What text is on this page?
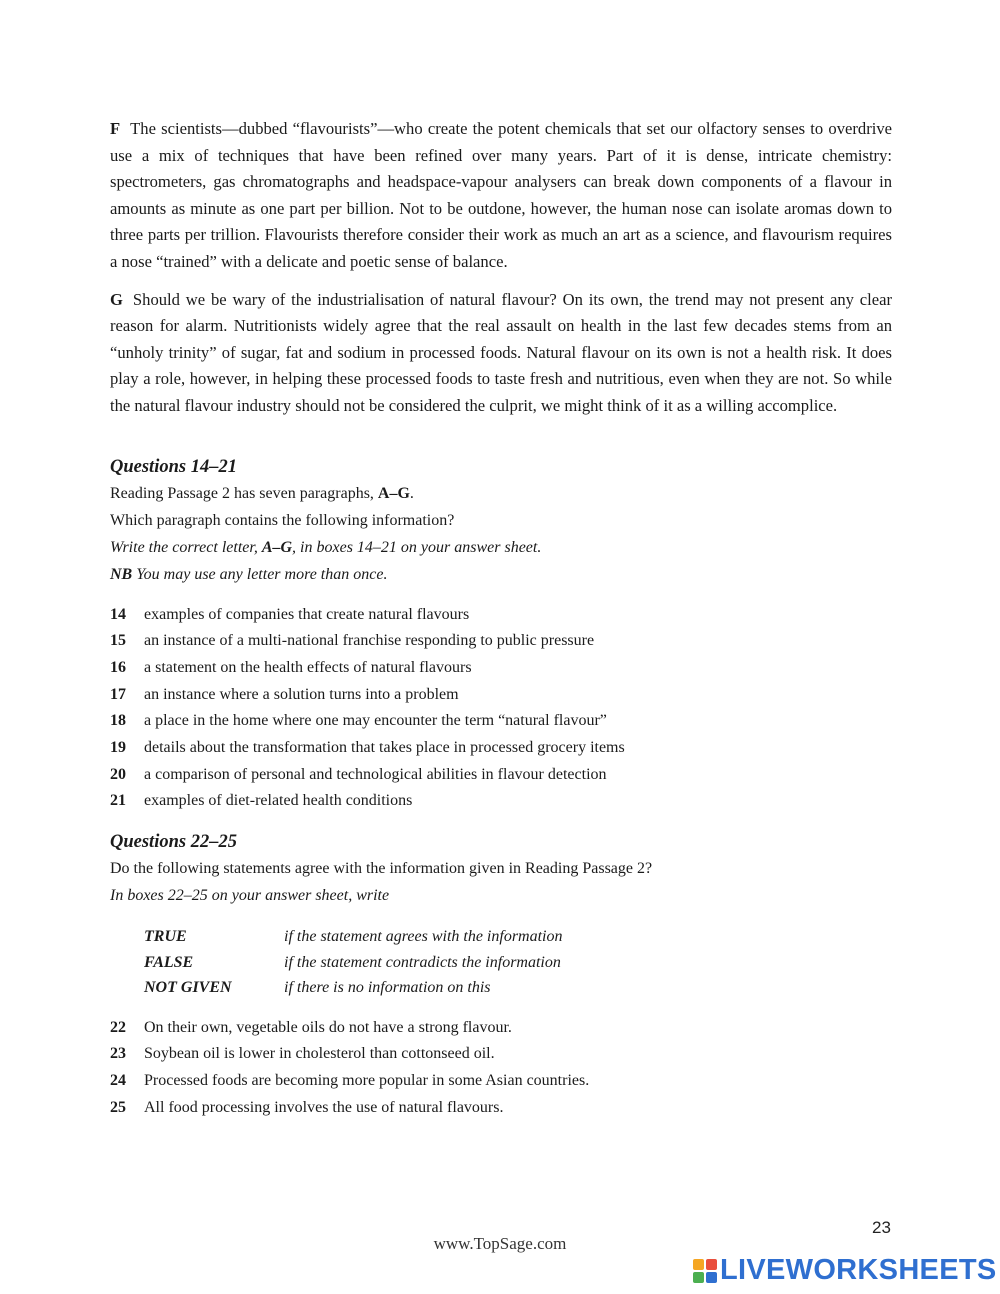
F The scientists—dubbed “flavourists”—who create the potent chemicals that set our olfactory senses to overdrive use a mix of techniques that have been refined over many years. Part of it is dense, intricate chemistry: spectrometers, gas chromatographs and headspace-vapour analysers can break down components of a flavour in amounts as minute as one part per billion. Not to be outdone, however, the human nose can isolate aromas down to three parts per trillion. Flavourists therefore consider their work as much an art as a science, and flavourism requires a nose “trained” with a delicate and poetic sense of balance.

G Should we be wary of the industrialisation of natural flavour? On its own, the trend may not present any clear reason for alarm. Nutritionists widely agree that the real assault on health in the last few decades stems from an “unholy trinity” of sugar, fat and sodium in processed foods. Natural flavour on its own is not a health risk. It does play a role, however, in helping these processed foods to taste fresh and nutritious, even when they are not. So while the natural flavour industry should not be considered the culprit, we might think of it as a willing accomplice.

Questions 14–21

Reading Passage 2 has seven paragraphs, A–G.

Which paragraph contains the following information?

Write the correct letter, A–G, in boxes 14–21 on your answer sheet.

NB You may use any letter more than once.

14	examples of companies that create natural flavours
15	an instance of a multi-national franchise responding to public pressure
16	a statement on the health effects of natural flavours
17	an instance where a solution turns into a problem
18	a place in the home where one may encounter the term “natural flavour”
19	details about the transformation that takes place in processed grocery items
20	a comparison of personal and technological abilities in flavour detection
21	examples of diet-related health conditions

Questions 22–25

Do the following statements agree with the information given in Reading Passage 2?

In boxes 22–25 on your answer sheet, write

TRUE	if the statement agrees with the information
FALSE	if the statement contradicts the information
NOT GIVEN	if there is no information on this
22	On their own, vegetable oils do not have a strong flavour.
23	Soybean oil is lower in cholesterol than cottonseed oil.
24	Processed foods are becoming more popular in some Asian countries.
25	All food processing involves the use of natural flavours.
23
www.TopSage.com
LIVEWORKSHEETS
